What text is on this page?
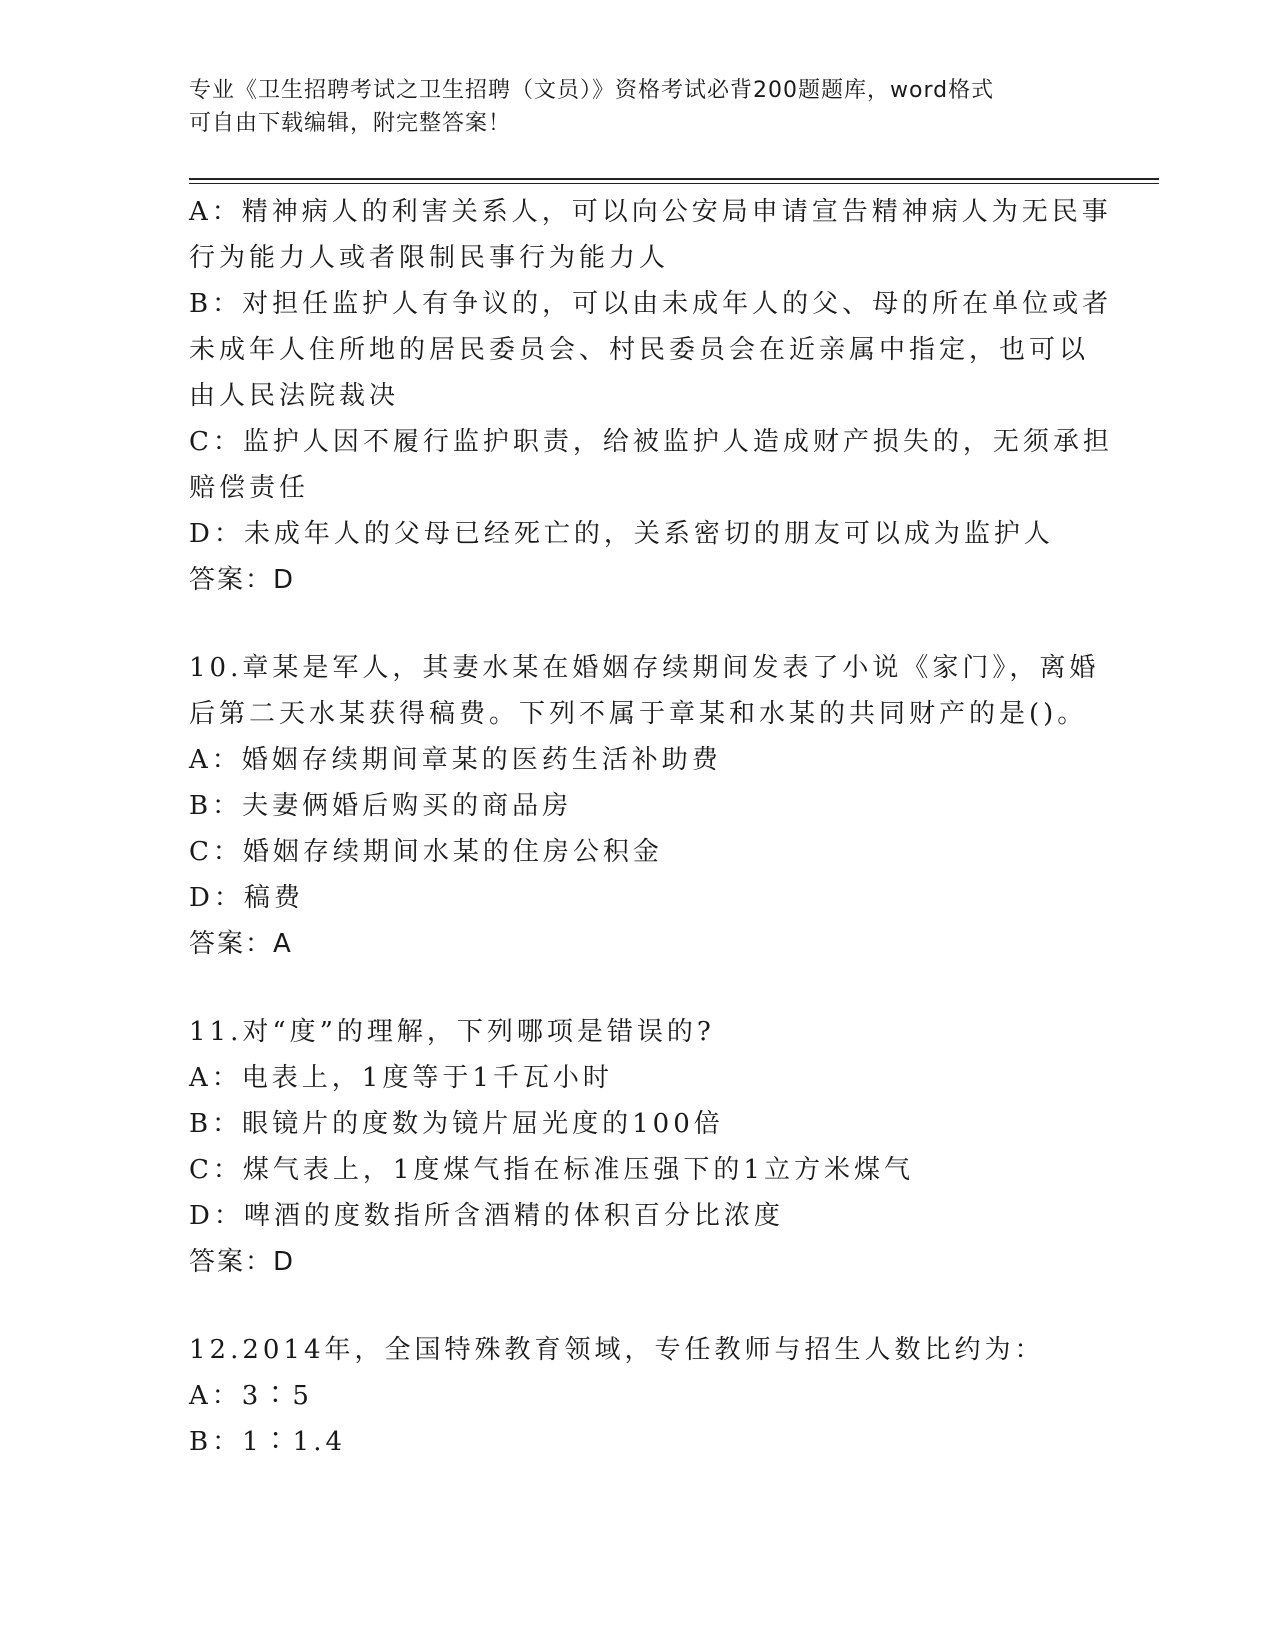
专业《卫生招聘考试之卫生招聘（文员）》资格考试必背200题题库，word格式
可自由下载编辑，附完整答案！
A：精神病人的利害关系人，可以向公安局申请宣告精神病人为无民事
行为能力人或者限制民事行为能力人
B：对担任监护人有争议的，可以由未成年人的父、母的所在单位或者
未成年人住所地的居民委员会、村民委员会在近亲属中指定，也可以
由人民法院裁决
C：监护人因不履行监护职责，给被监护人造成财产损失的，无须承担
赔偿责任
D：未成年人的父母已经死亡的，关系密切的朋友可以成为监护人
答案：D
10.章某是军人，其妻水某在婚姻存续期间发表了小说《家门》，离婚
后第二天水某获得稿费。下列不属于章某和水某的共同财产的是()。
A：婚姻存续期间章某的医药生活补助费
B：夫妻俩婚后购买的商品房
C：婚姻存续期间水某的住房公积金
D：稿费
答案：A
11.对“度”的理解，下列哪项是错误的?
A：电表上，1度等于1千瓦小时
B：眼镜片的度数为镜片屈光度的100倍
C：煤气表上，1度煤气指在标准压强下的1立方米煤气
D：啤酒的度数指所含酒精的体积百分比浓度
答案：D
12.2014年，全国特殊教育领域，专任教师与招生人数比约为：
A：3∶5
B：1∶1.4
